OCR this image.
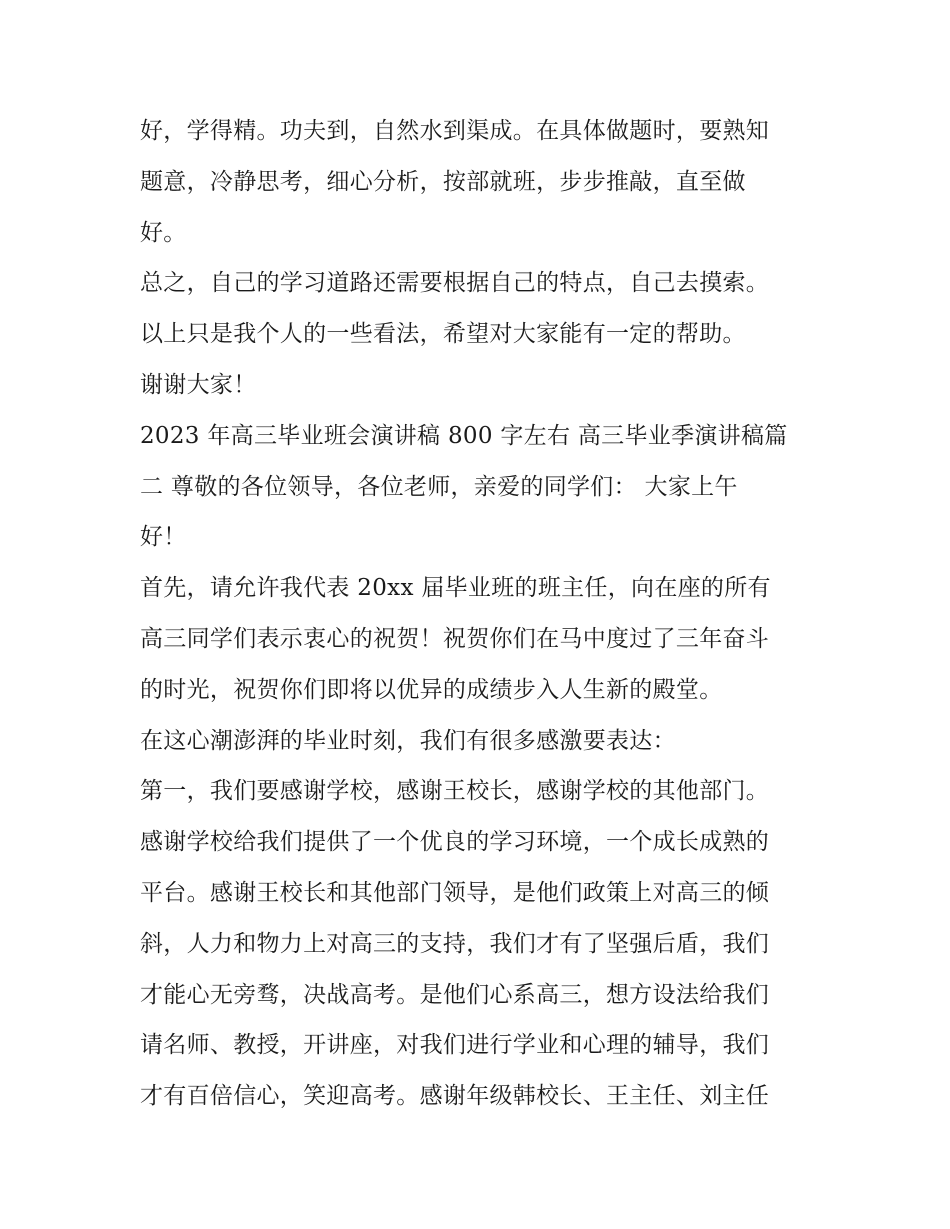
好，学得精。功夫到，自然水到渠成。在具体做题时，要熟知
题意，冷静思考，细心分析，按部就班，步步推敲，直至做
好。
总之，自己的学习道路还需要根据自己的特点，自己去摸索。
以上只是我个人的一些看法，希望对大家能有一定的帮助。
谢谢大家！
2023 年高三毕业班会演讲稿 800 字左右 高三毕业季演讲稿篇
二 尊敬的各位领导，各位老师，亲爱的同学们： 大家上午
好！
首先，请允许我代表 20xx 届毕业班的班主任，向在座的所有
高三同学们表示衷心的祝贺！祝贺你们在马中度过了三年奋斗
的时光，祝贺你们即将以优异的成绩步入人生新的殿堂。
在这心潮澎湃的毕业时刻，我们有很多感激要表达：
第一，我们要感谢学校，感谢王校长，感谢学校的其他部门。
感谢学校给我们提供了一个优良的学习环境，一个成长成熟的
平台。感谢王校长和其他部门领导，是他们政策上对高三的倾
斜，人力和物力上对高三的支持，我们才有了坚强后盾，我们
才能心无旁骛，决战高考。是他们心系高三，想方设法给我们
请名师、教授，开讲座，对我们进行学业和心理的辅导，我们
才有百倍信心，笑迎高考。感谢年级韩校长、王主任、刘主任
